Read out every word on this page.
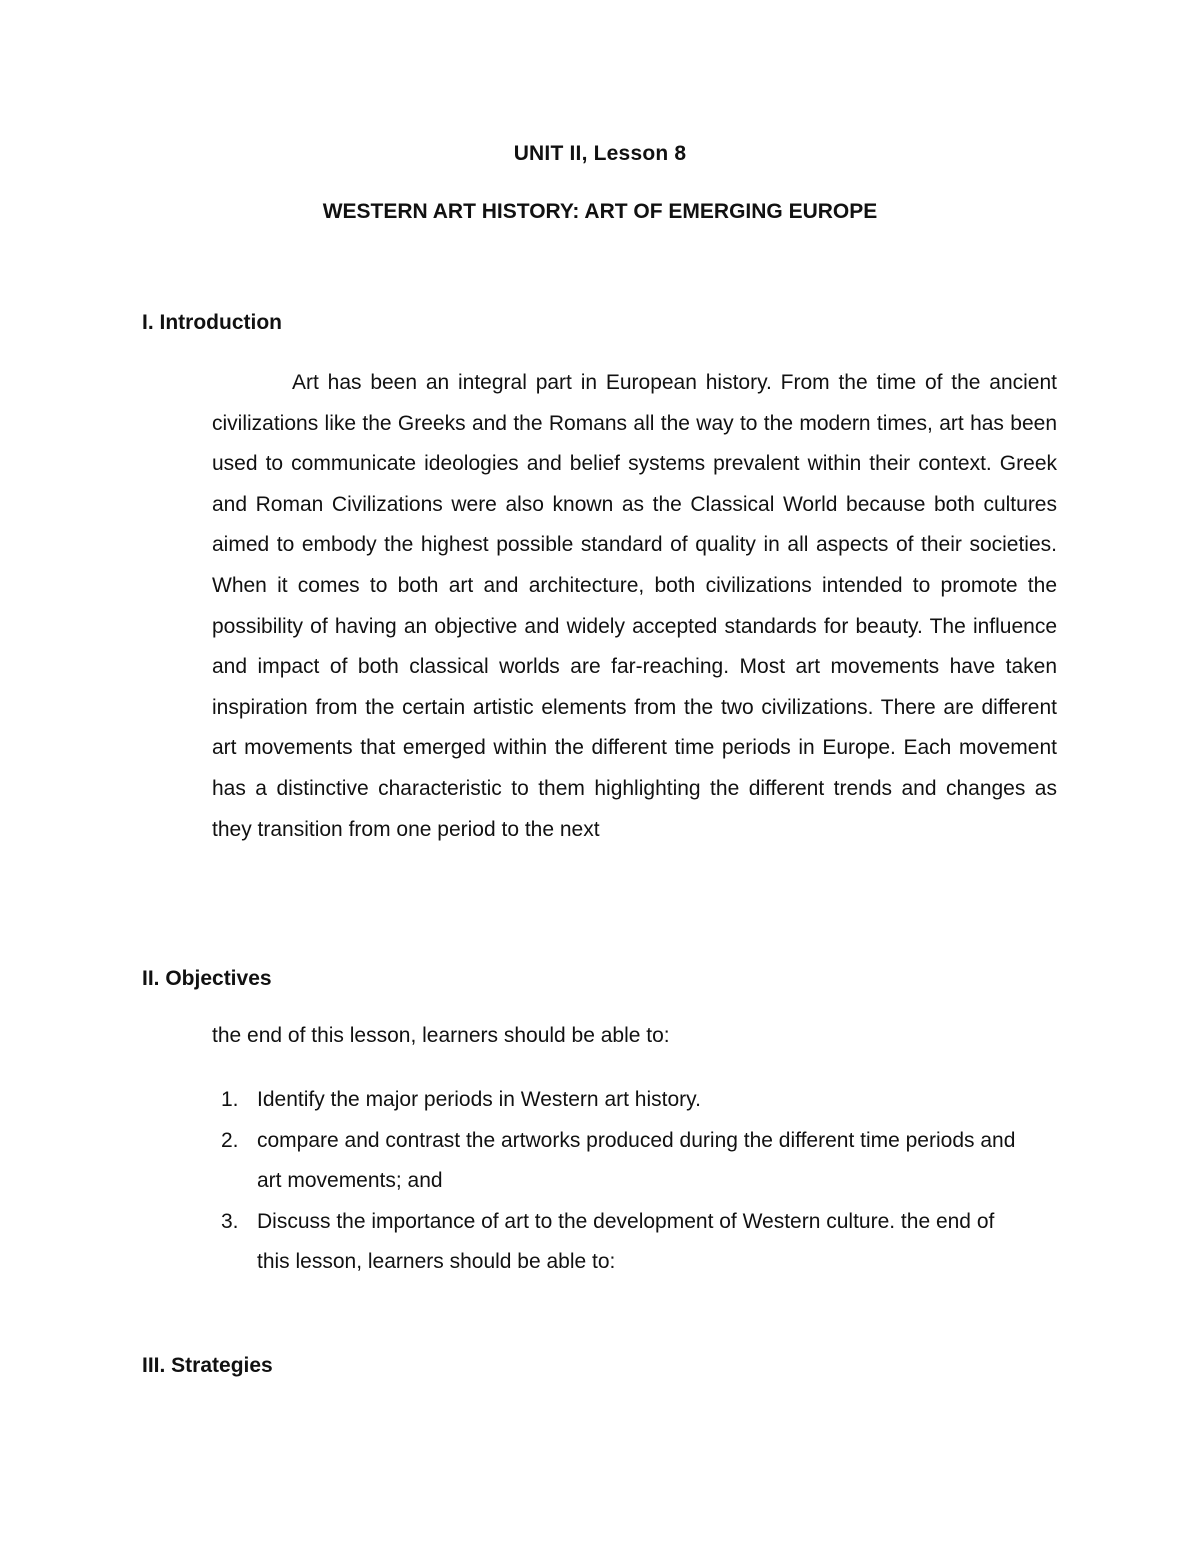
UNIT II, Lesson 8
WESTERN ART HISTORY: ART OF EMERGING EUROPE
I. Introduction

Art has been an integral part in European history. From the time of the ancient civilizations like the Greeks and the Romans all the way to the modern times, art has been used to communicate ideologies and belief systems prevalent within their context. Greek and Roman Civilizations were also known as the Classical World because both cultures aimed to embody the highest possible standard of quality in all aspects of their societies. When it comes to both art and architecture, both civilizations intended to promote the possibility of having an objective and widely accepted standards for beauty. The influence and impact of both classical worlds are far-reaching. Most art movements have taken inspiration from the certain artistic elements from the two civilizations. There are different art movements that emerged within the different time periods in Europe. Each movement has a distinctive characteristic to them highlighting the different trends and changes as they transition from one period to the next

II. Objectives
the end of this lesson, learners should be able to:
1. Identify the major periods in Western art history.
2. compare and contrast the artworks produced during the different time periods and art movements; and
3. Discuss the importance of art to the development of Western culture. the end of this lesson, learners should be able to:
III. Strategies
